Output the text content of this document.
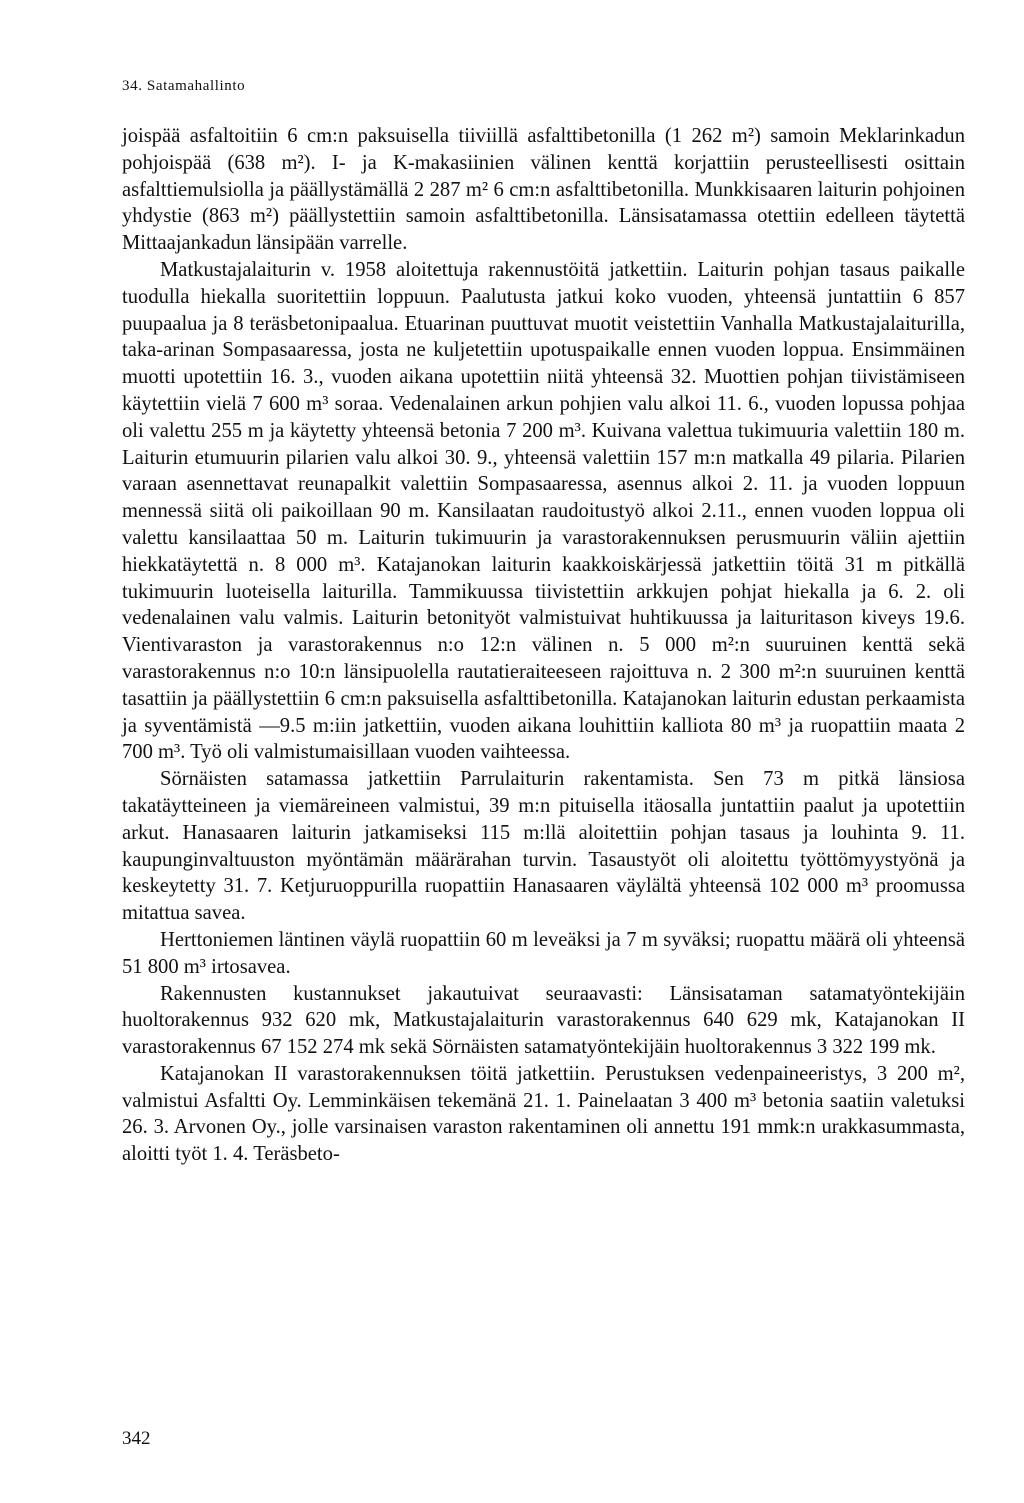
34. Satamahallinto

joispää asfaltoitiin 6 cm:n paksuisella tiiviillä asfalttibetonilla (1 262 m²) samoin Meklarinkadun pohjoispää (638 m²). I- ja K-makasiinien välinen kenttä korjattiin perusteellisesti osittain asfalttiemulsiolla ja päällystämällä 2 287 m² 6 cm:n asfalttibetonilla. Munkkisaaren laiturin pohjoinen yhdystie (863 m²) päällystettiin samoin asfalttibetonilla. Länsisatamassa otettiin edelleen täytettä Mittaajankadun länsipään varrelle.

Matkustajalaiturin v. 1958 aloitettuja rakennustöitä jatkettiin. Laiturin pohjan tasaus paikalle tuodulla hiekalla suoritettiin loppuun. Paalutusta jatkui koko vuoden, yhteensä juntattiin 6 857 puupaalua ja 8 teräsbetonipaalua. Etuarinan puuttuvat muotit veistettiin Vanhalla Matkustajalaiturilla, taka-arinan Sompasaaressa, josta ne kuljetettiin upotuspaikalle ennen vuoden loppua. Ensimmäinen muotti upotettiin 16. 3., vuoden aikana upotettiin niitä yhteensä 32. Muottien pohjan tiivistämiseen käytettiin vielä 7 600 m³ soraa. Vedenalainen arkun pohjien valu alkoi 11. 6., vuoden lopussa pohjaa oli valettu 255 m ja käytetty yhteensä betonia 7 200 m³. Kuivana valettua tukimuuria valettiin 180 m. Laiturin etumuurin pilarien valu alkoi 30. 9., yhteensä valettiin 157 m:n matkalla 49 pilaria. Pilarien varaan asennettavat reunapalkit valettiin Sompasaaressa, asennus alkoi 2. 11. ja vuoden loppuun mennessä siitä oli paikoillaan 90 m. Kansilaatan raudoitustyö alkoi 2.11., ennen vuoden loppua oli valettu kansilaattaa 50 m. Laiturin tukimuurin ja varastorakennuksen perusmuurin väliin ajettiin hiekkatäytettä n. 8 000 m³. Katajanokan laiturin kaakkoiskärjessä jatkettiin töitä 31 m pitkällä tukimuurin luoteisella laiturilla. Tammikuussa tiivistettiin arkkujen pohjat hiekalla ja 6. 2. oli vedenalainen valu valmis. Laiturin betonityöt valmistuivat huhtikuussa ja laituritason kiveys 19.6. Vientivaraston ja varastorakennus n:o 12:n välinen n. 5 000 m²:n suuruinen kenttä sekä varastorakennus n:o 10:n länsipuolella rautatieraiteeseen rajoittuva n. 2 300 m²:n suuruinen kenttä tasattiin ja päällystettiin 6 cm:n paksuisella asfalttibetonilla. Katajanokan laiturin edustan perkaamista ja syventämistä —9.5 m:iin jatkettiin, vuoden aikana louhittiin kalliota 80 m³ ja ruopattiin maata 2 700 m³. Työ oli valmistumaisillaan vuoden vaihteessa.

Sörnäisten satamassa jatkettiin Parrulaiturin rakentamista. Sen 73 m pitkä länsiosa takatäytteineen ja viemäreineen valmistui, 39 m:n pituisella itäosalla juntattiin paalut ja upotettiin arkut. Hanasaaren laiturin jatkamiseksi 115 m:llä aloitettiin pohjan tasaus ja louhinta 9. 11. kaupunginvaltuuston myöntämän määrärahan turvin. Tasaustyöt oli aloitettu työttömyystyönä ja keskeytetty 31. 7. Ketjuruoppurilla ruopattiin Hanasaaren väylältä yhteensä 102 000 m³ proomussa mitattua savea.

Herttoniemen läntinen väylä ruopattiin 60 m leveäksi ja 7 m syväksi; ruopattu määrä oli yhteensä 51 800 m³ irtosavea.

Rakennusten kustannukset jakautuivat seuraavasti: Länsisataman satamatyöntekijäin huoltorakennus 932 620 mk, Matkustajalaiturin varastorakennus 640 629 mk, Katajanokan II varastorakennus 67 152 274 mk sekä Sörnäisten satamatyöntekijäin huoltorakennus 3 322 199 mk.

Katajanokan II varastorakennuksen töitä jatkettiin. Perustuksen vedenpaineeristys, 3 200 m², valmistui Asfaltti Oy. Lemminkäisen tekemänä 21. 1. Painelaatan 3 400 m³ betonia saatiin valetuksi 26. 3. Arvonen Oy., jolle varsinaisen varaston rakentaminen oli annettu 191 mmk:n urakkasummasta, aloitti työt 1. 4. Teräsbeto-

342
